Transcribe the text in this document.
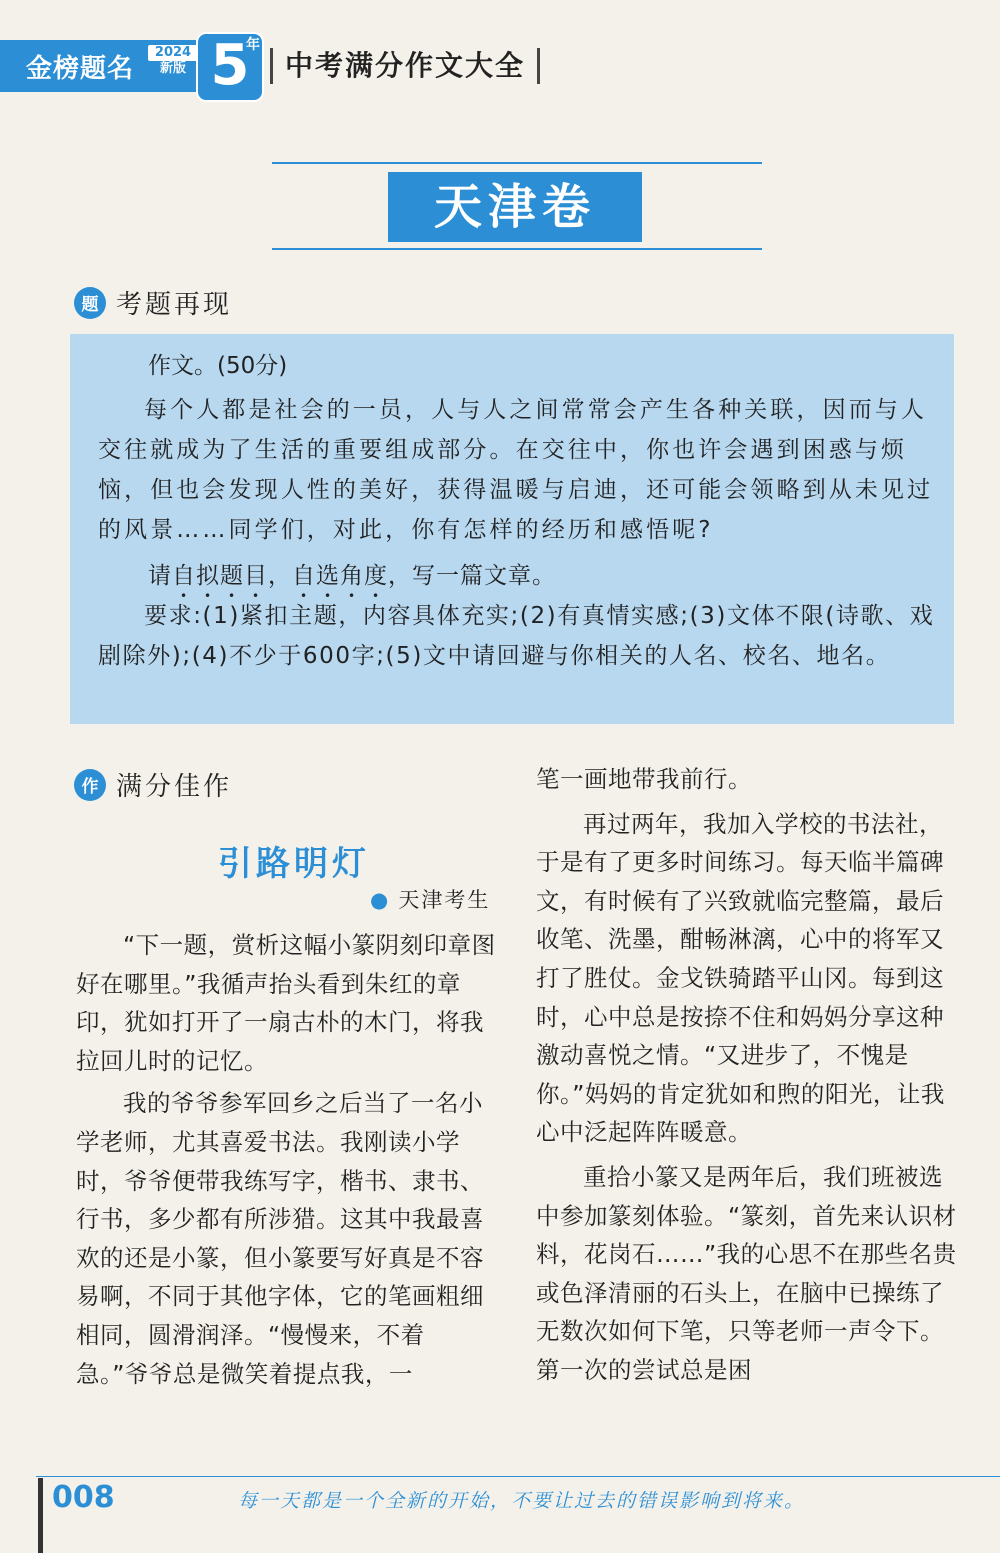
金榜题名
2024
新版 5
年
中考满分作文大全
天津卷
题 考题再现

作文。(50分)

每个人都是社会的一员，人与人之间常常会产生各种关联，因而与人交往就成为了生活的重要组成部分。在交往中，你也许会遇到困惑与烦恼，但也会发现人性的美好，获得温暖与启迪，还可能会领略到从未见过的风景……同学们，对此，你有怎样的经历和感悟呢?

请自拟题目，自选角度，写一篇文章。

要求:(1)紧扣主题，内容具体充实;(2)有真情实感;(3)文体不限(诗歌、戏剧除外);(4)不少于600字;(5)文中请回避与你相关的人名、校名、地名。

作 满分佳作
引路明灯
● 天津考生

“下一题，赏析这幅小篆阴刻印章图好在哪里。”我循声抬头看到朱红的章印，犹如打开了一扇古朴的木门，将我拉回儿时的记忆。

我的爷爷参军回乡之后当了一名小学老师，尤其喜爱书法。我刚读小学时，爷爷便带我练写字，楷书、隶书、行书，多少都有所涉猎。这其中我最喜欢的还是小篆，但小篆要写好真是不容易啊，不同于其他字体，它的笔画粗细相同，圆滑润泽。“慢慢来，不着急。”爷爷总是微笑着提点我，一

笔一画地带我前行。

再过两年，我加入学校的书法社，于是有了更多时间练习。每天临半篇碑文，有时候有了兴致就临完整篇，最后收笔、洗墨，酣畅淋漓，心中的将军又打了胜仗。金戈铁骑踏平山冈。每到这时，心中总是按捺不住和妈妈分享这种激动喜悦之情。“又进步了，不愧是你。”妈妈的肯定犹如和煦的阳光，让我心中泛起阵阵暖意。

重拾小篆又是两年后，我们班被选中参加篆刻体验。“篆刻，首先来认识材料，花岗石……”我的心思不在那些名贵或色泽清丽的石头上，在脑中已操练了无数次如何下笔，只等老师一声令下。第一次的尝试总是困

008	每一天都是一个全新的开始，不要让过去的错误影响到将来。
